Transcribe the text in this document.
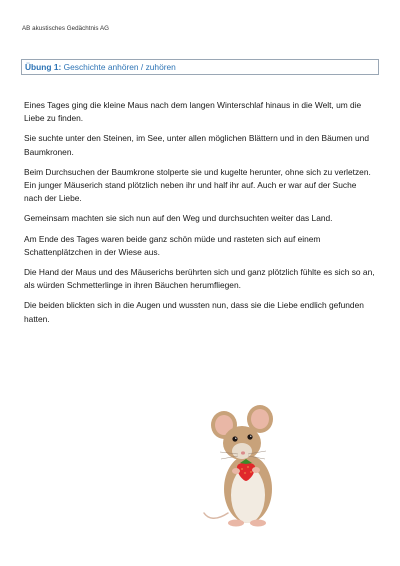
AB akustisches Gedächtnis AG
Übung 1: Geschichte anhören / zuhören

Eines Tages ging die kleine Maus nach dem langen Winterschlaf hinaus in die Welt, um die Liebe zu finden.

Sie suchte unter den Steinen, im See, unter allen möglichen Blättern und in den Bäumen und Baumkronen.

Beim Durchsuchen der Baumkrone stolperte sie und kugelte herunter, ohne sich zu verletzen. Ein junger Mäuserich stand plötzlich neben ihr und half ihr auf. Auch er war auf der Suche nach der Liebe.

Gemeinsam machten sie sich nun auf den Weg und durchsuchten weiter das Land.

Am Ende des Tages waren beide ganz schön müde und rasteten sich auf einem Schattenplätzchen in der Wiese aus.

Die Hand der Maus und des Mäuserichs berührten sich und ganz plötzlich fühlte es sich so an, als würden Schmetterlinge in ihren Bäuchen herumfliegen.

Die beiden blickten sich in die Augen und wussten nun, dass sie die Liebe endlich gefunden hatten.
